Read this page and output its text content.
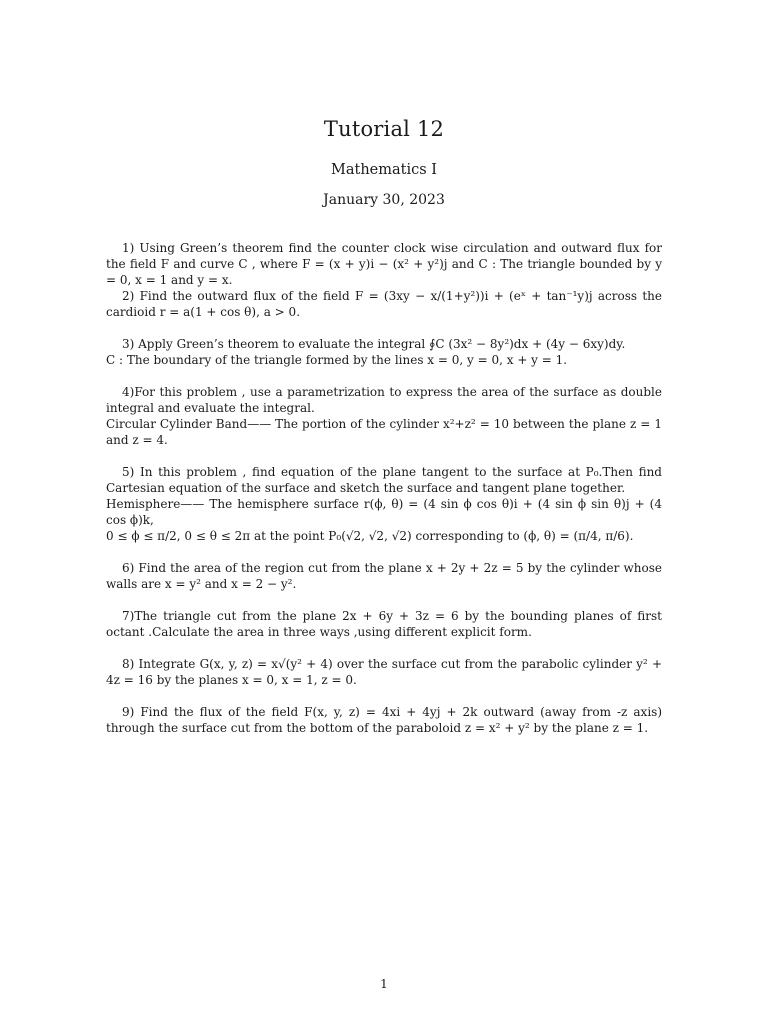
Tutorial 12
Mathematics I
January 30, 2023

1) Using Green’s theorem find the counter clock wise circulation and outward flux for the field F and curve C , where F = (x + y)i − (x² + y²)j and C : The triangle bounded by y = 0, x = 1 and y = x.

2) Find the outward flux of the field F = (3xy − x/(1+y²))i + (eˣ + tan⁻¹y)j across the cardioid r = a(1 + cos θ), a > 0.

3) Apply Green’s theorem to evaluate the integral ∮C (3x² − 8y²)dx + (4y − 6xy)dy.

C : The boundary of the triangle formed by the lines x = 0, y = 0, x + y = 1.

4)For this problem , use a parametrization to express the area of the surface as double integral and evaluate the integral.

Circular Cylinder Band—— The portion of the cylinder x²+z² = 10 between the plane z = 1 and z = 4.

5) In this problem , find equation of the plane tangent to the surface at P₀.Then find Cartesian equation of the surface and sketch the surface and tangent plane together.

Hemisphere—— The hemisphere surface r(ϕ, θ) = (4 sin ϕ cos θ)i + (4 sin ϕ sin θ)j + (4 cos ϕ)k,

0 ≤ ϕ ≤ π/2, 0 ≤ θ ≤ 2π at the point P₀(√2, √2, √2) corresponding to (ϕ, θ) = (π/4, π/6).

6) Find the area of the region cut from the plane x + 2y + 2z = 5 by the cylinder whose walls are x = y² and x = 2 − y².

7)The triangle cut from the plane 2x + 6y + 3z = 6 by the bounding planes of first octant .Calculate the area in three ways ,using different explicit form.

8) Integrate G(x, y, z) = x√(y² + 4) over the surface cut from the parabolic cylinder y² + 4z = 16 by the planes x = 0, x = 1, z = 0.

9) Find the flux of the field F(x, y, z) = 4xi + 4yj + 2k outward (away from -z axis) through the surface cut from the bottom of the paraboloid z = x² + y² by the plane z = 1.

1
